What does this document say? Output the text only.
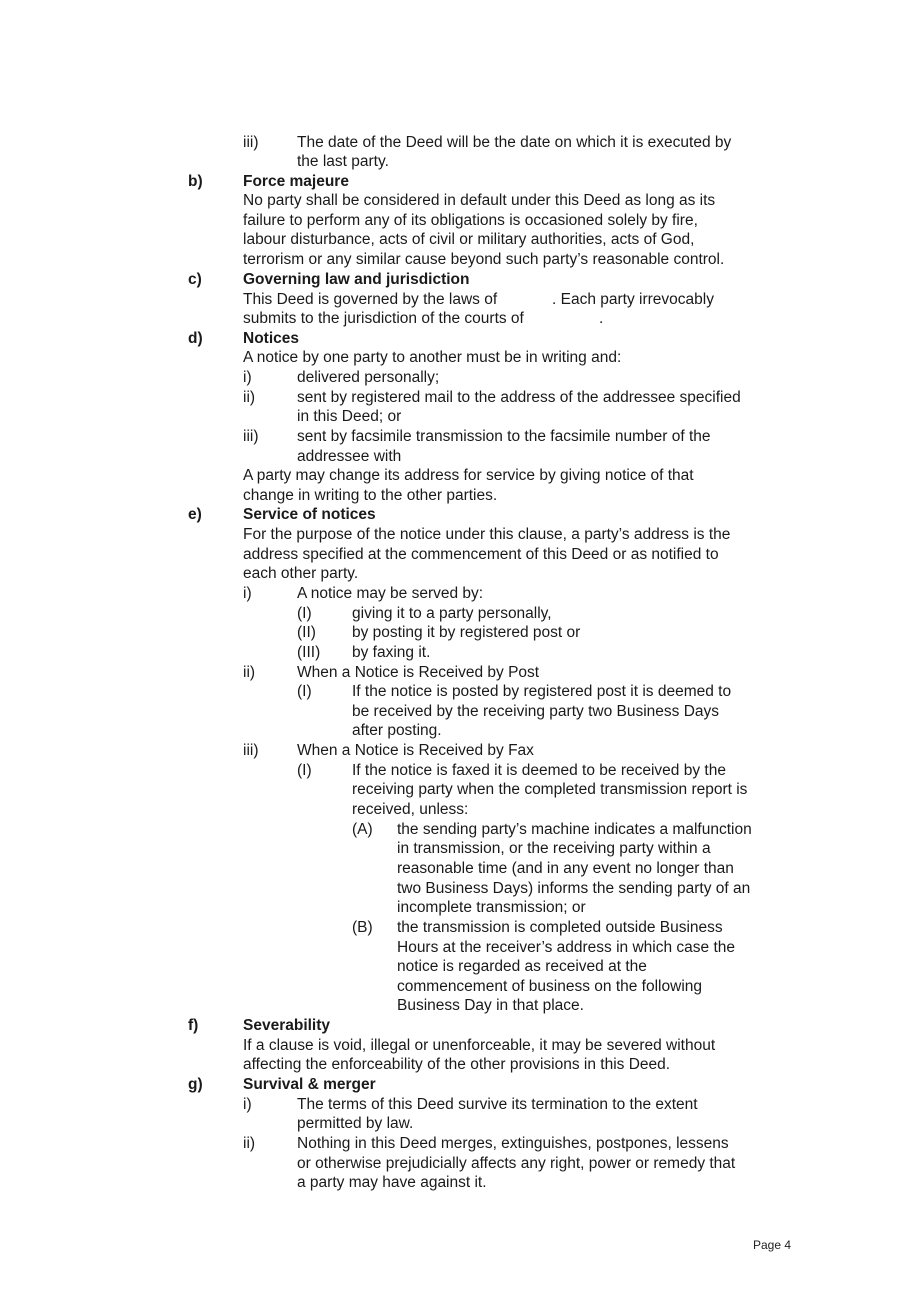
iii) The date of the Deed will be the date on which it is executed by
the last party.
b)	Force majeure
No party shall be considered in default under this Deed as long as its
failure to perform any of its obligations is occasioned solely by fire,
labour disturbance, acts of civil or military authorities, acts of God,
terrorism or any similar cause beyond such party’s reasonable control.
c)	Governing law and jurisdiction
This Deed is governed by the laws of	. Each party irrevocably
submits to the jurisdiction of the courts of	.
d)	Notices
A notice by one party to another must be in writing and:
i)	delivered personally;
ii)	sent by registered mail to the address of the addressee specified
in this Deed; or
iii) sent by facsimile transmission to the facsimile number of the
addressee with
A party may change its address for service by giving notice of that
change in writing to the other parties.
e)	Service of notices
For the purpose of the notice under this clause, a party’s address is the
address specified at the commencement of this Deed or as notified to
each other party.
i)	A notice may be served by:
(I)	giving it to a party personally,
(II) by posting it by registered post or
(III) by faxing it.
ii)	When a Notice is Received by Post
(I)	If the notice is posted by registered post it is deemed to
be received by the receiving party two Business Days
after posting.
iii) When a Notice is Received by Fax
(I)	If the notice is faxed it is deemed to be received by the
receiving party when the completed transmission report is
received, unless:
(A) the sending party’s machine indicates a malfunction
in transmission, or the receiving party within a
reasonable time (and in any event no longer than
two Business Days) informs the sending party of an
incomplete transmission; or
(B) the transmission is completed outside Business
Hours at the receiver’s address in which case the
notice is regarded as received at the
commencement of business on the following
Business Day in that place.
f)	Severability
If a clause is void, illegal or unenforceable, it may be severed without
affecting the enforceability of the other provisions in this Deed.
g)	Survival & merger
i)	The terms of this Deed survive its termination to the extent
permitted by law.
ii)	Nothing in this Deed merges, extinguishes, postpones, lessens
or otherwise prejudicially affects any right, power or remedy that
a party may have against it.
Page 4
